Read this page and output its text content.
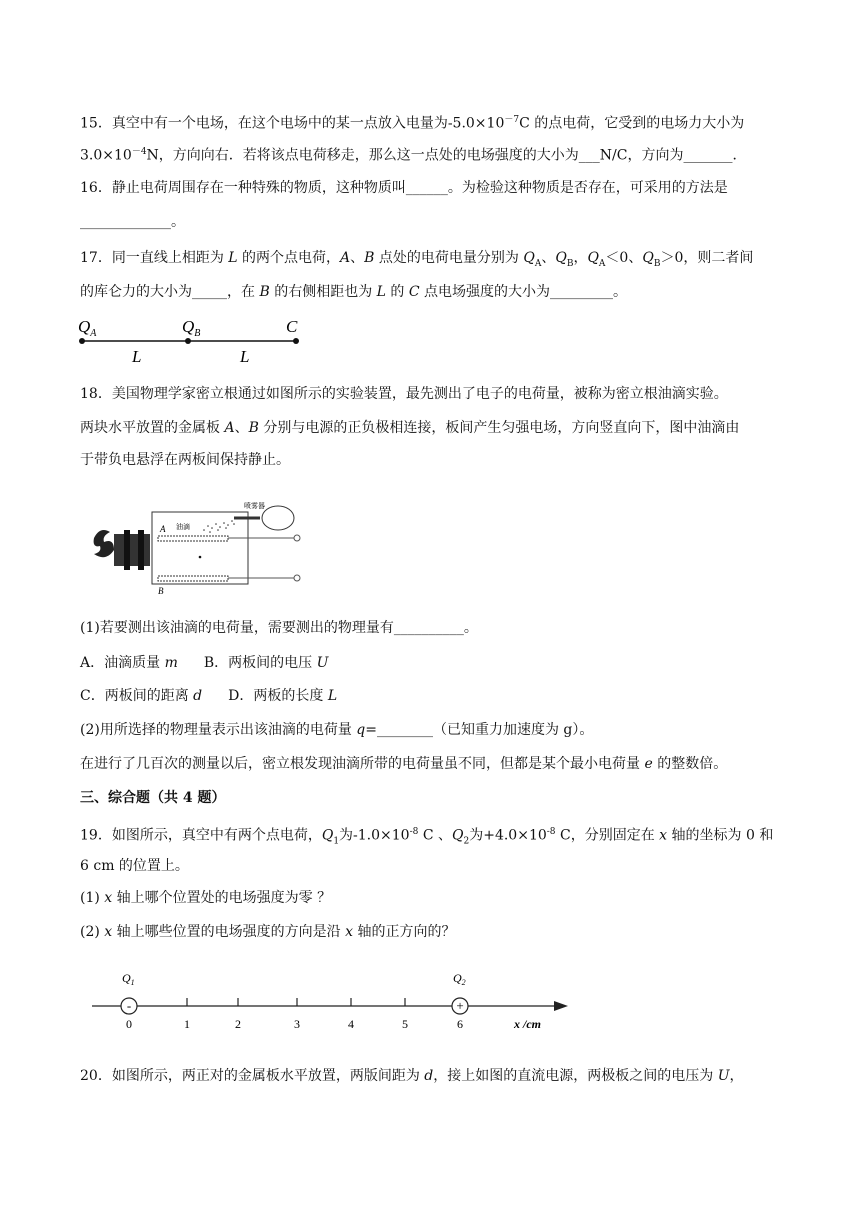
15．真空中有一个电场，在这个电场中的某一点放入电量为$-5.0\times 10^{-7}C$ 的点电荷，它受到的电场力大小为
$3.0\times 10^{-4}N$，方向向右．若将该点电荷移走，那么这一点处的电场强度的大小为___N/C，方向为_______．
16．静止电荷周围存在一种特殊的物质，这种物质叫______。为检验这种物质是否存在，可采用的方法是
_____________。
17．同一直线上相距为 L 的两个点电荷，A、B 点处的电荷电量分别为 $Q_A$、$Q_B$，$Q_A<0$、$Q_B>0$，则二者间
的库仑力的大小为_____，在 B 的右侧相距也为 L 的 C 点电场强度的大小为_________。
$Q_A$	$Q_B$	C
L	L
18．美国物理学家密立根通过如图所示的实验装置，最先测出了电子的电荷量，被称为密立根油滴实验。
两块水平放置的金属板 A、B 分别与电源的正负极相连接，板间产生匀强电场，方向竖直向下，图中油滴由
于带负电悬浮在两板间保持静止。
喷雾器
油滴
A
B
(1)若要测出该油滴的电荷量，需要测出的物理量有__________。
A．油滴质量 m B．两板间的电压 U
C．两板间的距离 d D．两板的长度 L
(2)用所选择的物理量表示出该油滴的电荷量 q=________（已知重力加速度为 g）。
在进行了几百次的测量以后，密立根发现油滴所带的电荷量虽不同，但都是某个最小电荷量 e 的整数倍。
三、综合题（共 4 题）
19．如图所示，真空中有两个点电荷，$Q_1$为$-1.0\times 10^{-8}$ C 、$Q_2$为$+4.0\times 10^{-8}$ C，分别固定在 x 轴的坐标为 0 和
6 cm 的位置上。
(1) x 轴上哪个位置处的电场强度为零 ？
(2) x 轴上哪些位置的电场强度的方向是沿 x 轴的正方向的？
0	1	2	3	4	5	6
-	+
$Q_1$	$Q_2$
x /cm
20．如图所示，两正对的金属板水平放置，两版间距为 d，接上如图的直流电源，两极板之间的电压为 U，
